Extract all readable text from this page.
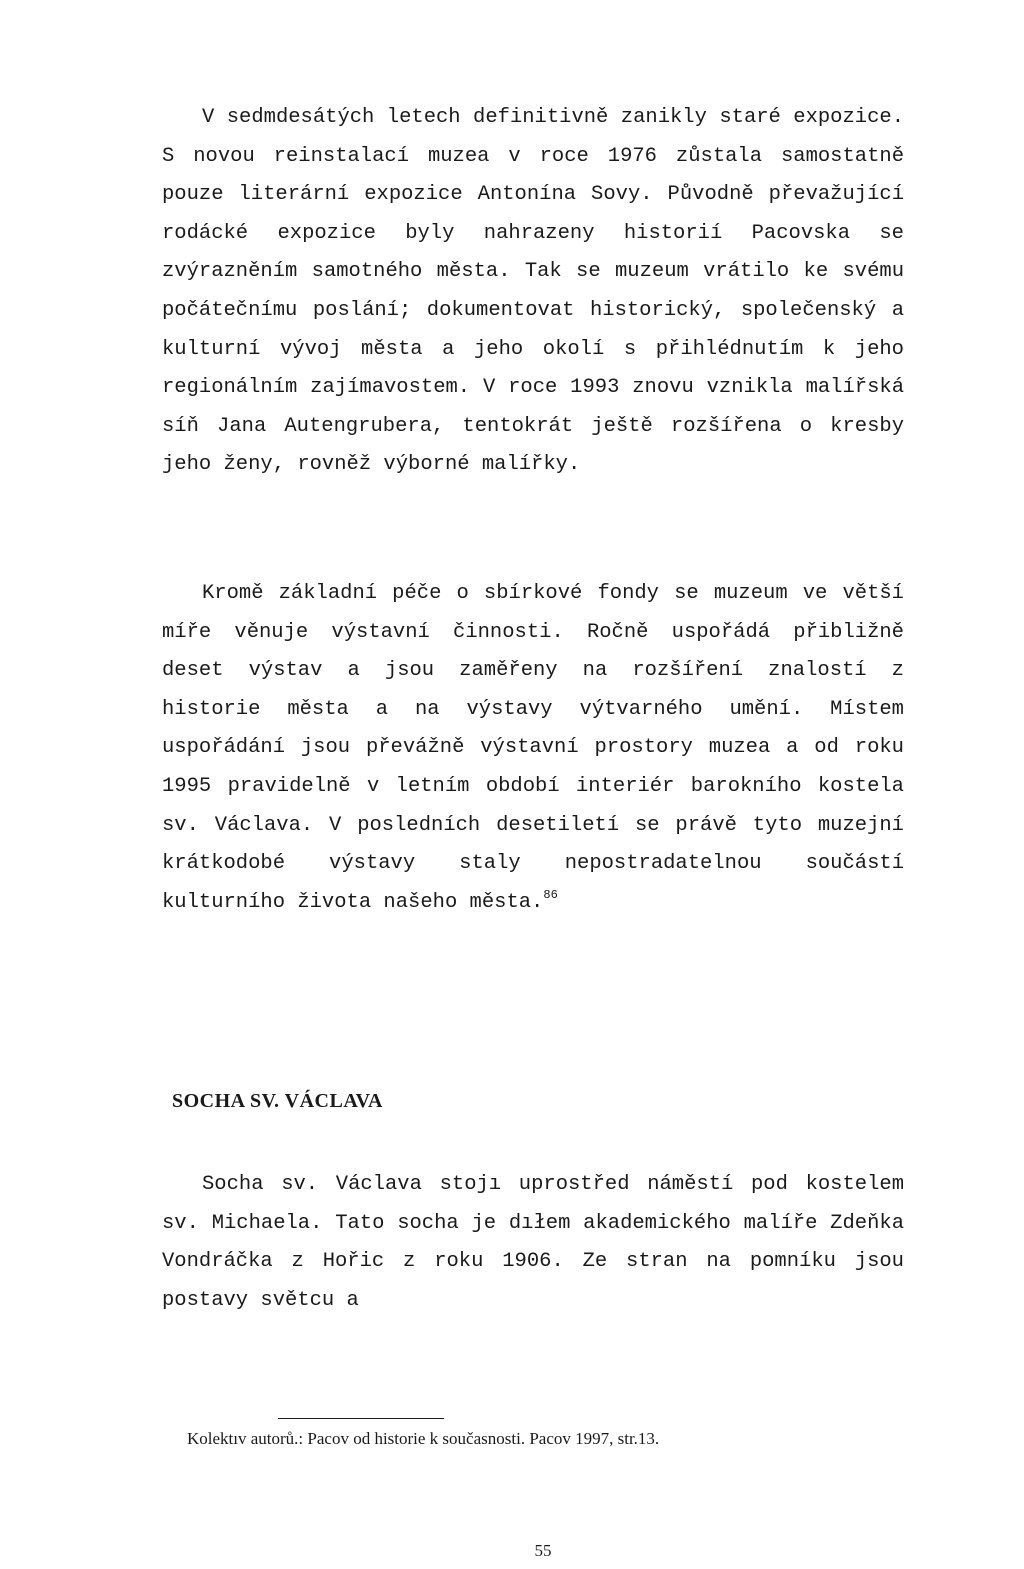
V sedmdesátých letech definitivně zanikly staré expozice. S novou reinstalací muzea v roce 1976 zůstala samostatně pouze literární expozice Antonína Sovy. Původně převažující rodácké expozice byly nahrazeny historií Pacovska se zvýrazněním samotného města. Tak se muzeum vrátilo ke svému počátečnímu poslání; dokumentovat historický, společenský a kulturní vývoj města a jeho okolí s přihlédnutím k jeho regionálním zajímavostem. V roce 1993 znovu vznikla malířská síň Jana Autengrubera, tentokrát ještě rozšířena o kresby jeho ženy, rovněž výborné malířky.

Kromě základní péče o sbírkové fondy se muzeum ve větší míře věnuje výstavní činnosti. Ročně uspořádá přibližně deset výstav a jsou zaměřeny na rozšíření znalostí z historie města a na výstavy výtvarného umění. Místem uspořádání jsou převážně výstavní prostory muzea a od roku 1995 pravidelně v letním období interiér barokního kostela sv. Václava. V posledních desetiletí se právě tyto muzejní krátkodobé výstavy staly nepostradatelnou součástí kulturního života našeho města.$^{86}$

SOCHA SV. VÁCLAVA

Socha sv. Václava stojı uprostřed náměstí pod kostelem sv. Michaela. Tato socha je dıłem akademického malíře Zdeňka Vondráčka z Hořic z roku 1906. Ze stran na pomníku jsou postavy světcu a

Kolektıv autorů.: Pacov od historie k současnosti. Pacov 1997, str.13.

55
